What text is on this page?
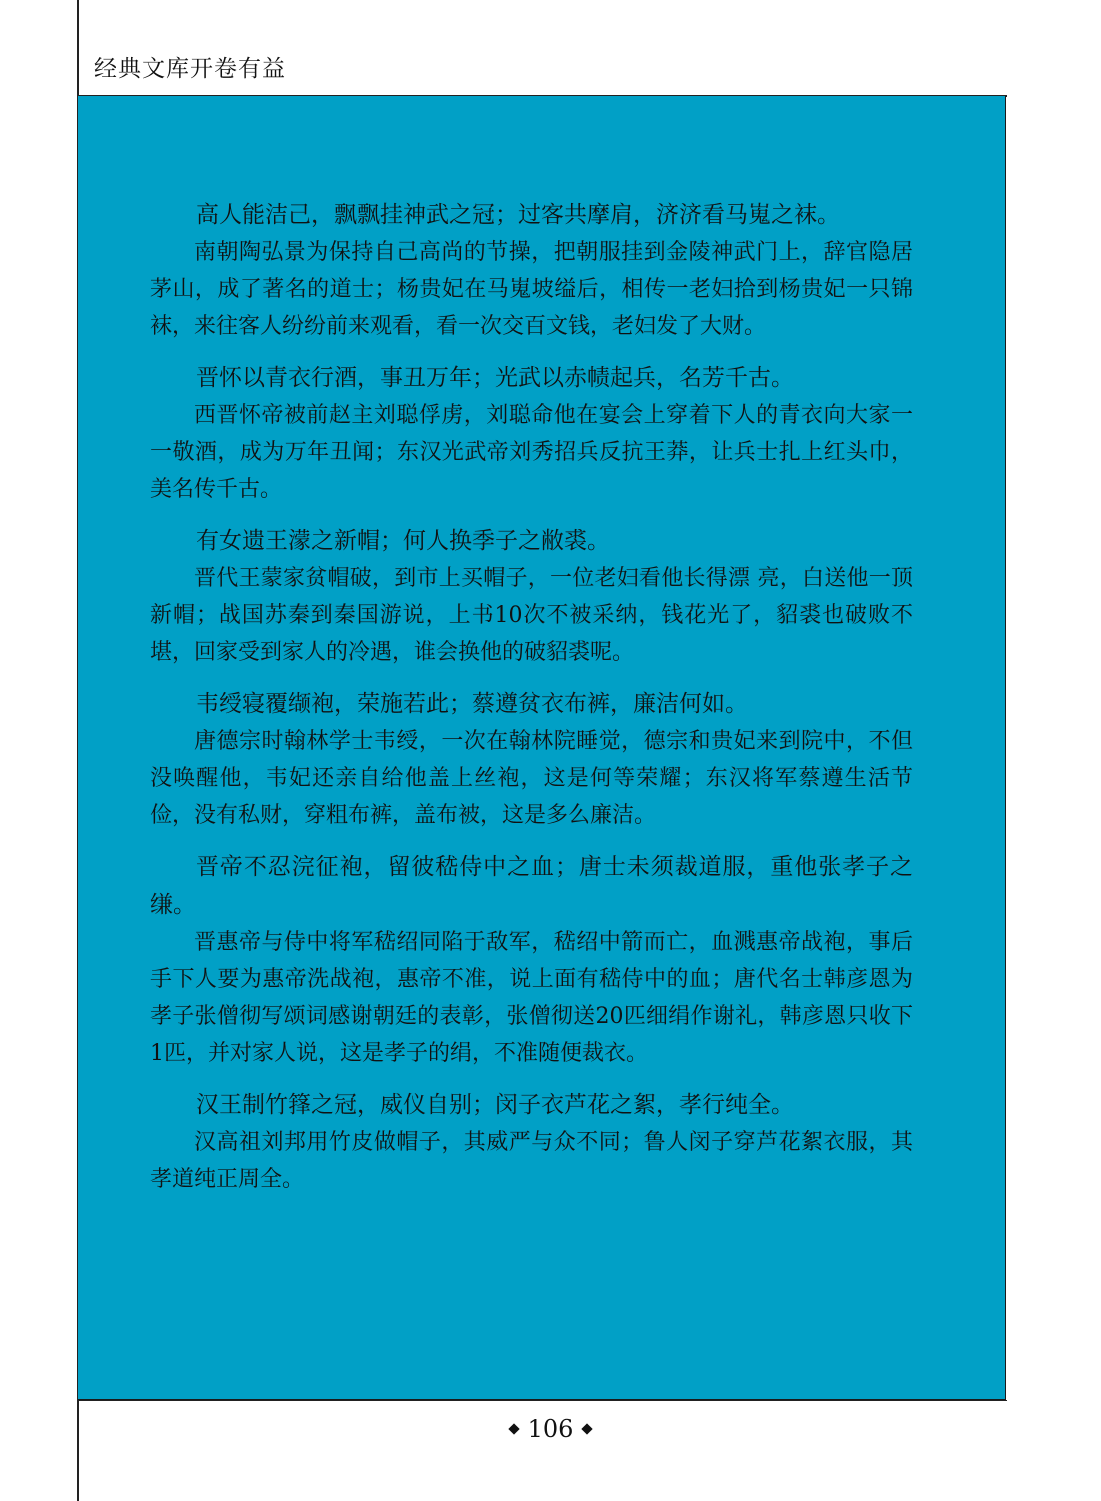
经典文库开卷有益

高人能洁己，飘飘挂神武之冠；过客共摩肩，济济看马嵬之袜。

南朝陶弘景为保持自己高尚的节操，把朝服挂到金陵神武门上，辞官隐居茅山，成了著名的道士；杨贵妃在马嵬坡缢后，相传一老妇拾到杨贵妃一只锦袜，来往客人纷纷前来观看，看一次交百文钱，老妇发了大财。

晋怀以青衣行酒，事丑万年；光武以赤帻起兵，名芳千古。

西晋怀帝被前赵主刘聪俘虏，刘聪命他在宴会上穿着下人的青衣向大家一一敬酒，成为万年丑闻；东汉光武帝刘秀招兵反抗王莽，让兵士扎上红头巾，美名传千古。

有女遗王濛之新帽；何人换季子之敝裘。

晋代王蒙家贫帽破，到市上买帽子，一位老妇看他长得漂 亮，白送他一顶新帽；战国苏秦到秦国游说，上书10次不被采纳，钱花光了，貂裘也破败不堪，回家受到家人的冷遇，谁会换他的破貂裘呢。

韦绶寝覆缬袍，荣施若此；蔡遵贫衣布裤，廉洁何如。

唐德宗时翰林学士韦绶，一次在翰林院睡觉，德宗和贵妃来到院中，不但没唤醒他，韦妃还亲自给他盖上丝袍，这是何等荣耀；东汉将军蔡遵生活节俭，没有私财，穿粗布裤，盖布被，这是多么廉洁。

晋帝不忍浣征袍，留彼嵇侍中之血；唐士未须裁道服，重他张孝子之缣。

晋惠帝与侍中将军嵇绍同陷于敌军，嵇绍中箭而亡，血溅惠帝战袍，事后手下人要为惠帝洗战袍，惠帝不准，说上面有嵇侍中的血；唐代名士韩彦恩为孝子张僧彻写颂词感谢朝廷的表彰，张僧彻送20匹细绢作谢礼，韩彦恩只收下1匹，并对家人说，这是孝子的绢，不准随便裁衣。

汉王制竹箨之冠，威仪自别；闵子衣芦花之絮，孝行纯全。

汉高祖刘邦用竹皮做帽子，其威严与众不同；鲁人闵子穿芦花絮衣服，其孝道纯正周全。

106
